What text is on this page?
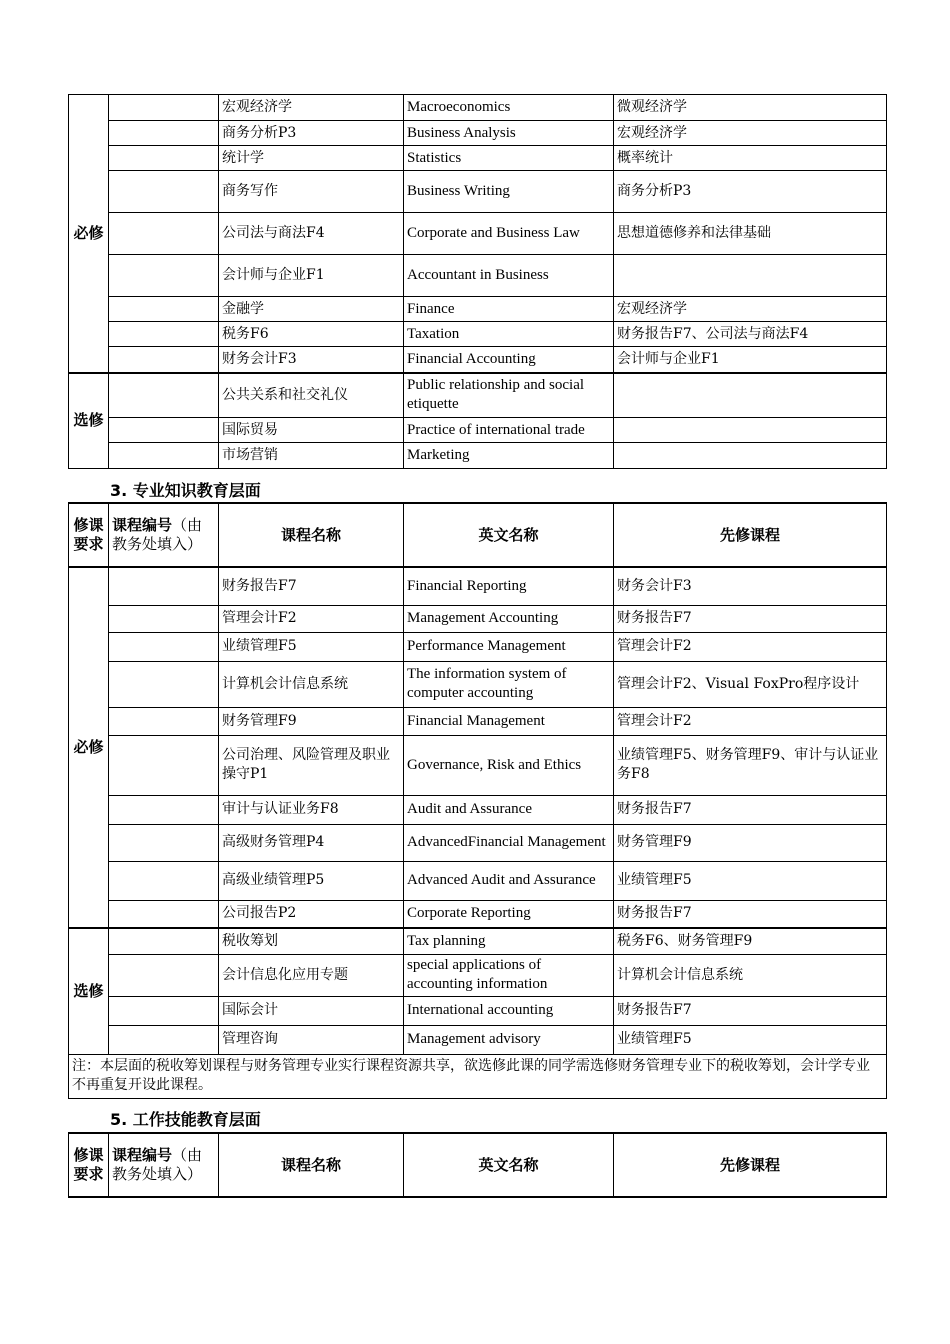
必修		宏观经济学	Macroeconomics	微观经济学
		商务分析P3	Business Analysis	宏观经济学
		统计学	Statistics	概率统计
		商务写作	Business Writing	商务分析P3
		公司法与商法F4	Corporate and Business Law	思想道德修养和法律基础
		会计师与企业F1	Accountant in Business	
		金融学	Finance	宏观经济学
		税务F6	Taxation	财务报告F7、公司法与商法F4
		财务会计F3	Financial Accounting	会计师与企业F1
选修		公共关系和社交礼仪	Public relationship and social etiquette	
		国际贸易	Practice of international trade	
		市场营销	Marketing	
3. 专业知识教育层面
修课要求	课程编号（由教务处填入）	课程名称	英文名称	先修课程
必修		财务报告F7	Financial Reporting	财务会计F3
		管理会计F2	Management Accounting	财务报告F7
		业绩管理F5	Performance Management	管理会计F2
		计算机会计信息系统	The information system of computer accounting	管理会计F2、Visual FoxPro程序设计
		财务管理F9	Financial Management	管理会计F2
		公司治理、风险管理及职业操守P1	Governance, Risk and Ethics	业绩管理F5、财务管理F9、审计与认证业务F8
		审计与认证业务F8	Audit and Assurance	财务报告F7
		高级财务管理P4	AdvancedFinancial Management	财务管理F9
		高级业绩管理P5	Advanced Audit and Assurance	业绩管理F5
		公司报告P2	Corporate Reporting	财务报告F7
选修		税收筹划	Tax planning	税务F6、财务管理F9
		会计信息化应用专题	special applications of accounting information	计算机会计信息系统
		国际会计	International accounting	财务报告F7
		管理咨询	Management advisory	业绩管理F5
注：本层面的税收筹划课程与财务管理专业实行课程资源共享，欲选修此课的同学需选修财务管理专业下的税收筹划，会计学专业不再重复开设此课程。				
5. 工作技能教育层面
修课要求	课程编号（由教务处填入）	课程名称	英文名称	先修课程
